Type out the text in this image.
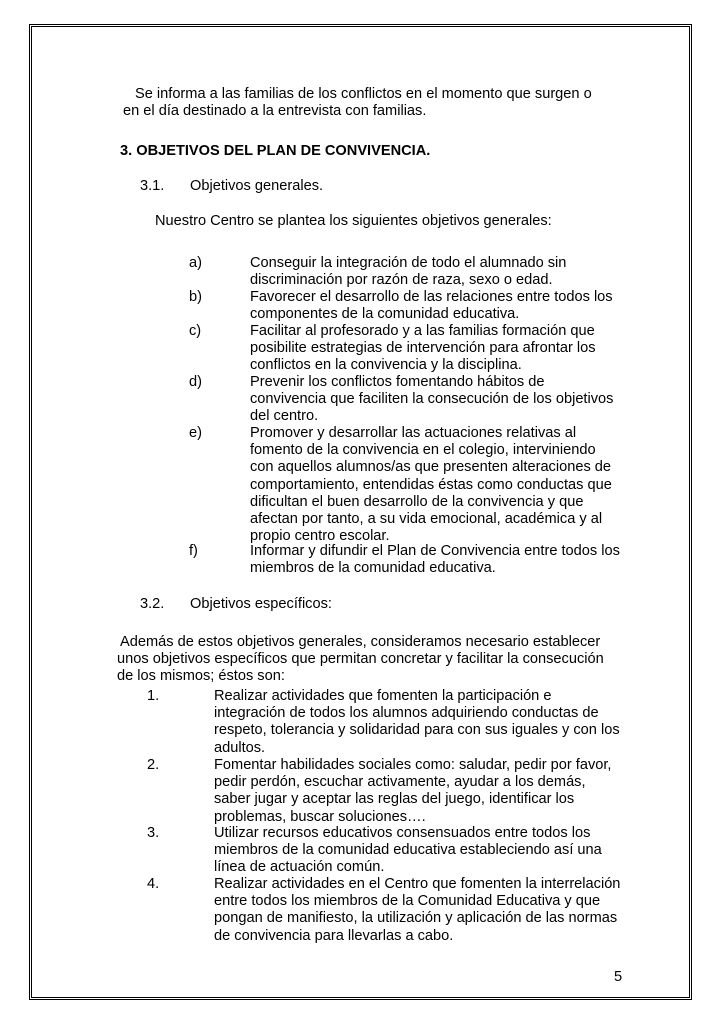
Se informa a las familias de los conflictos en el momento que surgen o
en el día destinado a la entrevista con familias.
3. OBJETIVOS DEL PLAN DE CONVIVENCIA.
3.1. Objetivos generales.
Nuestro Centro se plantea los siguientes objetivos generales:
a)	Conseguir la integración de todo el alumnado sin
discriminación por razón de raza, sexo o edad.
b)	Favorecer el desarrollo de las relaciones entre todos los
componentes de la comunidad educativa.
c)	Facilitar al profesorado y a las familias formación que
posibilite estrategias de intervención para afrontar los
conflictos en la convivencia y la disciplina.
d)	Prevenir los conflictos fomentando hábitos de
convivencia que faciliten la consecución de los objetivos
del centro.
e)	Promover y desarrollar las actuaciones relativas al
fomento de la convivencia en el colegio, interviniendo
con aquellos alumnos/as que presenten alteraciones de
comportamiento, entendidas éstas como conductas que
dificultan el buen desarrollo de la convivencia y que
afectan por tanto, a su vida emocional, académica y al
propio centro escolar.
f)	Informar y difundir el Plan de Convivencia entre todos los
miembros de la comunidad educativa.
3.2. Objetivos específicos:
Además de estos objetivos generales, consideramos necesario establecer
unos objetivos específicos que permitan concretar y facilitar la consecución
de los mismos; éstos son:
1.	Realizar actividades que fomenten la participación e
integración de todos los alumnos adquiriendo conductas de
respeto, tolerancia y solidaridad para con sus iguales y con los
adultos.
2.	Fomentar habilidades sociales como: saludar, pedir por favor,
pedir perdón, escuchar activamente, ayudar a los demás,
saber jugar y aceptar las reglas del juego, identificar los
problemas, buscar soluciones….
3.	Utilizar recursos educativos consensuados entre todos los
miembros de la comunidad educativa estableciendo así una
línea de actuación común.
4.	Realizar actividades en el Centro que fomenten la interrelación
entre todos los miembros de la Comunidad Educativa y que
pongan de manifiesto, la utilización y aplicación de las normas
de convivencia para llevarlas a cabo.
5
